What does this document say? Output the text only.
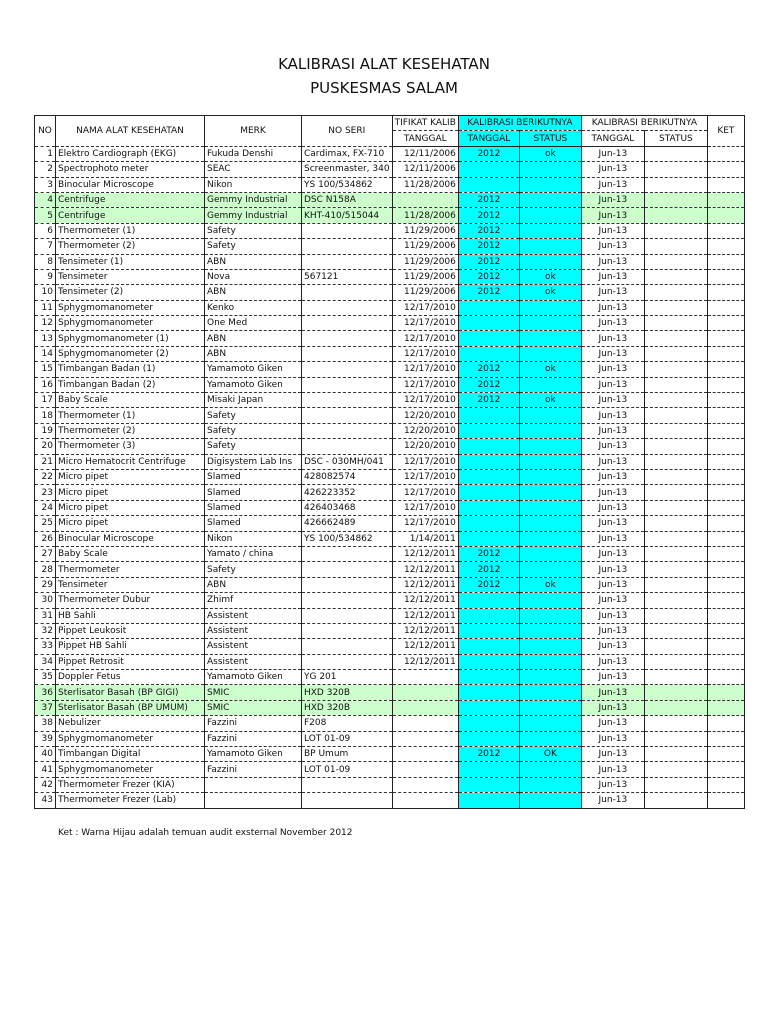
KALIBRASI ALAT KESEHATAN
PUSKESMAS SALAM
NO	NAMA ALAT KESEHATAN	MERK	NO SERI	TIFIKAT KALIB	KALIBRASI BERIKUTNYA		KALIBRASI BERIKUTNYA		KET
				TANGGAL	TANGGAL	STATUS	TANGGAL	STATUS	
1	Elektro Cardiograph (EKG)	Fukuda Denshi	Cardimax, FX-710	12/11/2006	2012	ok	Jun-13		
2	Spectrophoto meter	SEAC	Screenmaster, 340	12/11/2006			Jun-13		
3	Binocular Microscope	Nikon	YS 100/534862	11/28/2006			Jun-13		
4	Centrifuge	Gemmy Industrial	DSC N158A		2012		Jun-13		
5	Centrifuge	Gemmy Industrial	KHT-410/515044	11/28/2006	2012		Jun-13		
6	Thermometer (1)	Safety		11/29/2006	2012		Jun-13		
7	Thermometer (2)	Safety		11/29/2006	2012		Jun-13		
8	Tensimeter (1)	ABN		11/29/2006	2012		Jun-13		
9	Tensimeter	Nova	567121	11/29/2006	2012	ok	Jun-13		
10	Tensimeter (2)	ABN		11/29/2006	2012	ok	Jun-13		
11	Sphygmomanometer	Kenko		12/17/2010			Jun-13		
12	Sphygmomanometer	One Med		12/17/2010			Jun-13		
13	Sphygmomanometer (1)	ABN		12/17/2010			Jun-13		
14	Sphygmomanometer (2)	ABN		12/17/2010			Jun-13		
15	Timbangan Badan (1)	Yamamoto Giken		12/17/2010	2012	ok	Jun-13		
16	Timbangan Badan (2)	Yamamoto Giken		12/17/2010	2012		Jun-13		
17	Baby Scale	Misaki Japan		12/17/2010	2012	ok	Jun-13		
18	Thermometer (1)	Safety		12/20/2010			Jun-13		
19	Thermometer (2)	Safety		12/20/2010			Jun-13		
20	Thermometer (3)	Safety		12/20/2010			Jun-13		
21	Micro Hematocrit Centrifuge	Digisystem Lab Ins	DSC - 030MH/041	12/17/2010			Jun-13		
22	Micro pipet	Slamed	428082574	12/17/2010			Jun-13		
23	Micro pipet	Slamed	426223352	12/17/2010			Jun-13		
24	Micro pipet	Slamed	426403468	12/17/2010			Jun-13		
25	Micro pipet	Slamed	426662489	12/17/2010			Jun-13		
26	Binocular Microscope	Nikon	YS 100/534862	1/14/2011			Jun-13		
27	Baby Scale	Yamato / china		12/12/2011	2012		Jun-13		
28	Thermometer	Safety		12/12/2011	2012		Jun-13		
29	Tensimeter	ABN		12/12/2011	2012	ok	Jun-13		
30	Thermometer Dubur	Zhimf		12/12/2011			Jun-13		
31	HB Sahli	Assistent		12/12/2011			Jun-13		
32	Pippet Leukosit	Assistent		12/12/2011			Jun-13		
33	Pippet HB Sahli	Assistent		12/12/2011			Jun-13		
34	Pippet Retrosit	Assistent		12/12/2011			Jun-13		
35	Doppler Fetus	Yamamoto Giken	YG 201				Jun-13		
36	Sterlisator Basah (BP GIGI)	SMIC	HXD 320B				Jun-13		
37	Sterlisator Basah (BP UMUM)	SMIC	HXD 320B				Jun-13		
38	Nebulizer	Fazzini	F208				Jun-13		
39	Sphygmomanometer	Fazzini	LOT 01-09				Jun-13		
40	Timbangan Digital	Yamamoto Giken	BP Umum		2012	OK	Jun-13		
41	Sphygmomanometer	Fazzini	LOT 01-09				Jun-13		
42	Thermometer Frezer (KIA)						Jun-13		
43	Thermometer Frezer (Lab)						Jun-13		
Ket : Warna Hijau adalah temuan audit exsternal November 2012
